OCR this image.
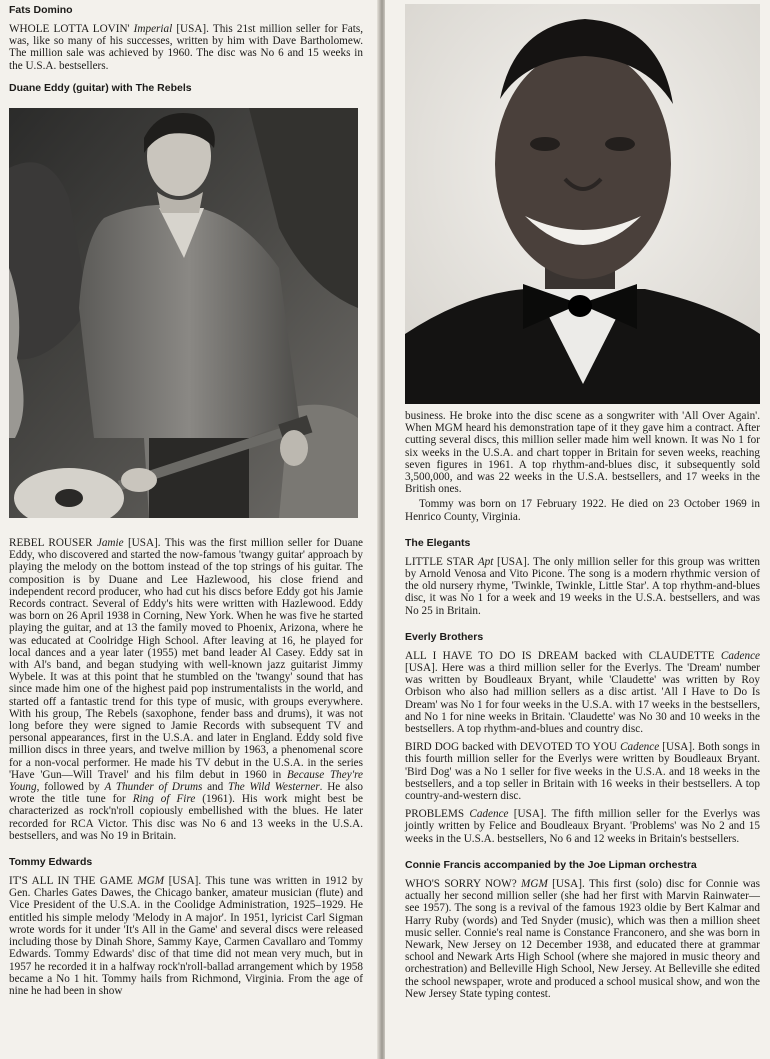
Fats Domino

WHOLE LOTTA LOVIN' Imperial [USA]. This 21st million seller for Fats, was, like so many of his successes, written by him with Dave Bartholomew. The million sale was achieved by 1960. The disc was No 6 and 15 weeks in the U.S.A. bestsellers.

Duane Eddy (guitar) with The Rebels

REBEL ROUSER Jamie [USA]. This was the first million seller for Duane Eddy, who discovered and started the now-famous 'twangy guitar' approach by playing the melody on the bottom instead of the top strings of his guitar. The composition is by Duane and Lee Hazlewood, his close friend and independent record producer, who had cut his discs before Eddy got his Jamie Records contract. Several of Eddy's hits were written with Hazlewood. Eddy was born on 26 April 1938 in Corning, New York. When he was five he started playing the guitar, and at 13 the family moved to Phoenix, Arizona, where he was educated at Coolridge High School. After leaving at 16, he played for local dances and a year later (1955) met band leader Al Casey. Eddy sat in with Al's band, and began studying with well-known jazz guitarist Jimmy Wybele. It was at this point that he stumbled on the 'twangy' sound that has since made him one of the highest paid pop instrumentalists in the world, and started off a fantastic trend for this type of music, with groups everywhere. With his group, The Rebels (saxophone, fender bass and drums), it was not long before they were signed to Jamie Records with subsequent TV and personal appearances, first in the U.S.A. and later in England. Eddy sold five million discs in three years, and twelve million by 1963, a phenomenal score for a non-vocal performer. He made his TV debut in the U.S.A. in the series 'Have 'Gun—Will Travel' and his film debut in 1960 in Because They're Young, followed by A Thunder of Drums and The Wild Westerner. He also wrote the title tune for Ring of Fire (1961). His work might best be characterized as rock'n'roll copiously embellished with the blues. He later recorded for RCA Victor. This disc was No 6 and 13 weeks in the U.S.A. bestsellers, and was No 19 in Britain.

Tommy Edwards

IT'S ALL IN THE GAME MGM [USA]. This tune was written in 1912 by Gen. Charles Gates Dawes, the Chicago banker, amateur musician (flute) and Vice President of the U.S.A. in the Coolidge Administration, 1925–1929. He entitled his simple melody 'Melody in A major'. In 1951, lyricist Carl Sigman wrote words for it under 'It's All in the Game' and several discs were released including those by Dinah Shore, Sammy Kaye, Carmen Cavallaro and Tommy Edwards. Tommy Edwards' disc of that time did not mean very much, but in 1957 he recorded it in a halfway rock'n'roll-ballad arrangement which by 1958 became a No 1 hit. Tommy hails from Richmond, Virginia. From the age of nine he had been in show

business. He broke into the disc scene as a songwriter with 'All Over Again'. When MGM heard his demonstration tape of it they gave him a contract. After cutting several discs, this million seller made him well known. It was No 1 for six weeks in the U.S.A. and chart topper in Britain for seven weeks, reaching seven figures in 1961. A top rhythm-and-blues disc, it subsequently sold 3,500,000, and was 22 weeks in the U.S.A. bestsellers, and 17 weeks in the British ones.

Tommy was born on 17 February 1922. He died on 23 October 1969 in Henrico County, Virginia.

The Elegants

LITTLE STAR Apt [USA]. The only million seller for this group was written by Arnold Venosa and Vito Picone. The song is a modern rhythmic version of the old nursery rhyme, 'Twinkle, Twinkle, Little Star'. A top rhythm-and-blues disc, it was No 1 for a week and 19 weeks in the U.S.A. bestsellers, and was No 25 in Britain.

Everly Brothers

ALL I HAVE TO DO IS DREAM backed with CLAUDETTE Cadence [USA]. Here was a third million seller for the Everlys. The 'Dream' number was written by Boudleaux Bryant, while 'Claudette' was written by Roy Orbison who also had million sellers as a disc artist. 'All I Have to Do Is Dream' was No 1 for four weeks in the U.S.A. with 17 weeks in the bestsellers, and No 1 for nine weeks in Britain. 'Claudette' was No 30 and 10 weeks in the bestsellers. A top rhythm-and-blues and country disc.

BIRD DOG backed with DEVOTED TO YOU Cadence [USA]. Both songs in this fourth million seller for the Everlys were written by Boudleaux Bryant. 'Bird Dog' was a No 1 seller for five weeks in the U.S.A. and 18 weeks in the bestsellers, and a top seller in Britain with 16 weeks in their bestsellers. A top country-and-western disc.

PROBLEMS Cadence [USA]. The fifth million seller for the Everlys was jointly written by Felice and Boudleaux Bryant. 'Problems' was No 2 and 15 weeks in the U.S.A. bestsellers, No 6 and 12 weeks in Britain's bestsellers.

Connie Francis accompanied by the Joe Lipman orchestra

WHO'S SORRY NOW? MGM [USA]. This first (solo) disc for Connie was actually her second million seller (she had her first with Marvin Rainwater—see 1957). The song is a revival of the famous 1923 oldie by Bert Kalmar and Harry Ruby (words) and Ted Snyder (music), which was then a million sheet music seller. Connie's real name is Constance Franconero, and she was born in Newark, New Jersey on 12 December 1938, and educated there at grammar school and Newark Arts High School (where she majored in music theory and orchestration) and Belleville High School, New Jersey. At Belleville she edited the school newspaper, wrote and produced a school musical show, and won the New Jersey State typing contest.
